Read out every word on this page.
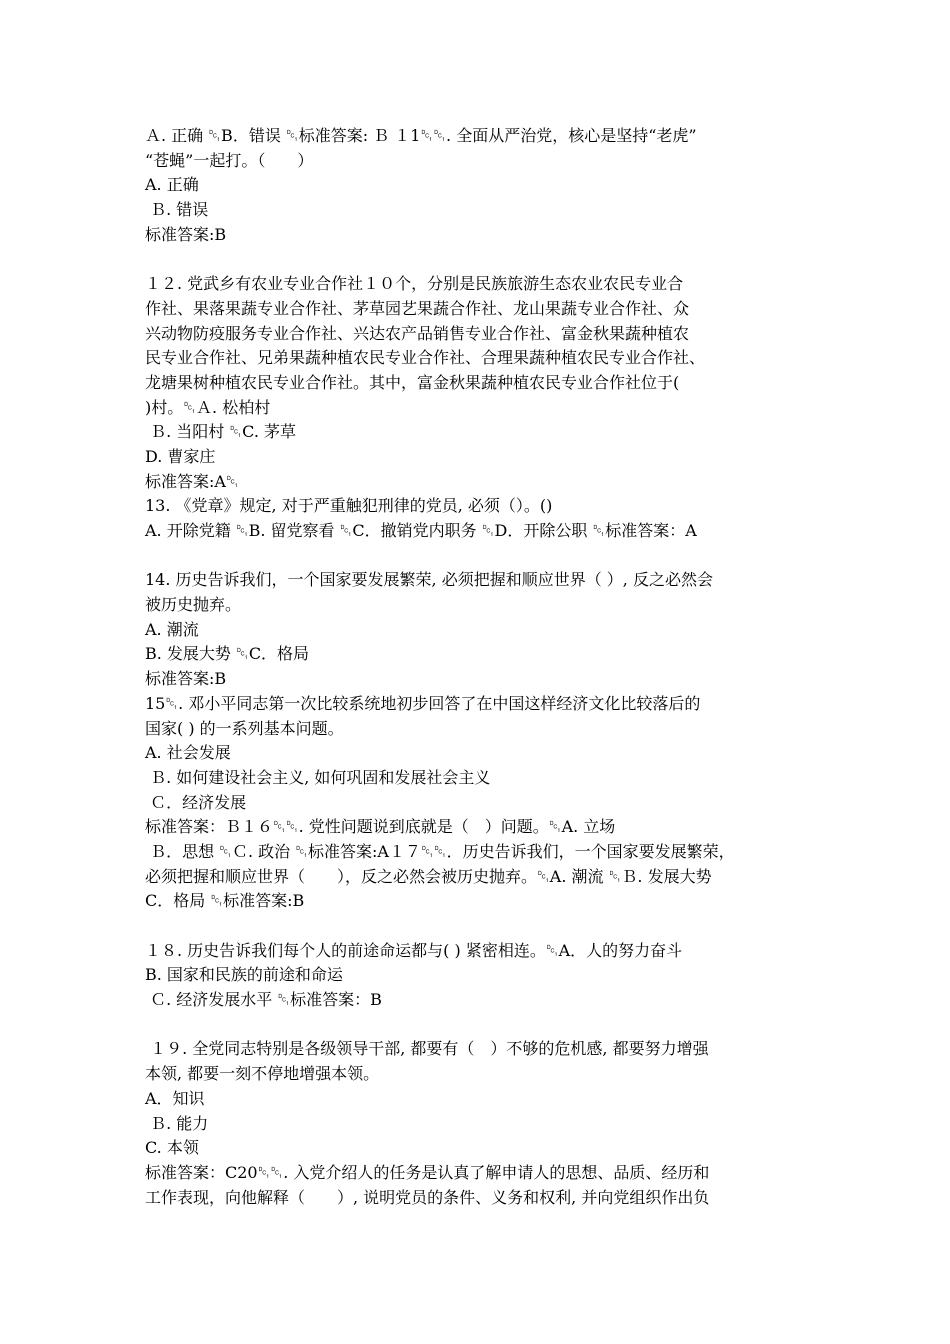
Ａ. 正确 ␑B．错误 ␑标准答案: Ｂ １1␑␑. 全面从严治党，核心是坚持“老虎”
“苍蝇”一起打。（　　）
A. 正确
Ｂ. 错误
标准答案:B
１２. 党武乡有农业专业合作社１０个，分别是民族旅游生态农业农民专业合
作社、果落果蔬专业合作社、茅草园艺果蔬合作社、龙山果蔬专业合作社、众
兴动物防疫服务专业合作社、兴达农产品销售专业合作社、富金秋果蔬种植农
民专业合作社、兄弟果蔬种植农民专业合作社、合理果蔬种植农民专业合作社、
龙塘果树种植农民专业合作社。其中，富金秋果蔬种植农民专业合作社位于(
)村。␑Ａ. 松柏村
Ｂ. 当阳村 ␑C. 茅草
D. 曹家庄
标准答案:A␑
13. 《党章》规定, 对于严重触犯刑律的党员, 必须（）。()
A. 开除党籍 ␑B. 留党察看 ␑C．撤销党内职务 ␑D．开除公职 ␑标准答案：A
14. 历史告诉我们，一个国家要发展繁荣, 必须把握和顺应世界（ ）, 反之必然会
被历史抛弃。
A. 潮流
B. 发展大势 ␑C．格局
标准答案:B
15␑. 邓小平同志第一次比较系统地初步回答了在中国这样经济文化比较落后的
国家( ) 的一系列基本问题。
A. 社会发展
Ｂ. 如何建设社会主义, 如何巩固和发展社会主义
Ｃ．经济发展
标准答案：Ｂ１６␑␑. 党性问题说到底就是（　）问题。␑A. 立场
Ｂ．思想 ␑Ｃ. 政治 ␑标准答案:A１７␑␑．历史告诉我们，一个国家要发展繁荣，
必须把握和顺应世界（　　），反之必然会被历史抛弃。␑A. 潮流 ␑Ｂ. 发展大势
C．格局 ␑标准答案:B
１８. 历史告诉我们每个人的前途命运都与( ) 紧密相连。␑A．人的努力奋斗
B. 国家和民族的前途和命运
Ｃ. 经济发展水平 ␑标准答案：B
１９. 全党同志特别是各级领导干部, 都要有（　）不够的危机感, 都要努力增强
本领, 都要一刻不停地增强本领。
A．知识
Ｂ. 能力
C. 本领
标准答案：C20␑␑. 入党介绍人的任务是认真了解申请人的思想、品质、经历和
工作表现，向他解释（　　）, 说明党员的条件、义务和权利, 并向党组织作出负
